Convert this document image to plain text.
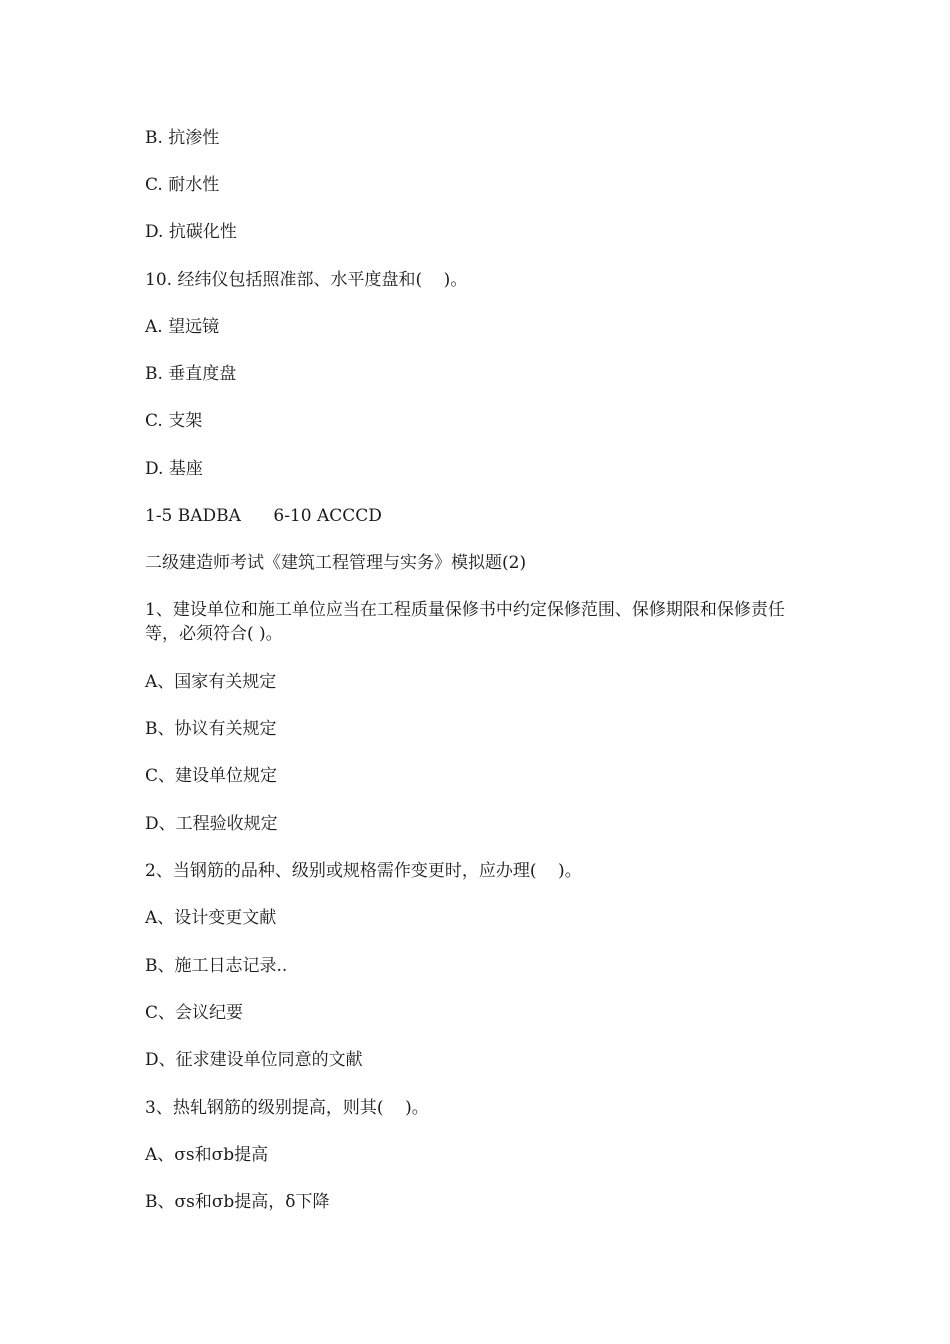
B. 抗渗性

C. 耐水性

D. 抗碳化性

10. 经纬仪包括照准部、水平度盘和(    )。

A. 望远镜

B. 垂直度盘

C. 支架

D. 基座

1-5 BADBA      6-10 ACCCD

二级建造师考试《建筑工程管理与实务》模拟题(2)

1、建设单位和施工单位应当在工程质量保修书中约定保修范围、保修期限和保修责任等，必须符合( )。

A、国家有关规定

B、协议有关规定

C、建设单位规定

D、工程验收规定

2、当钢筋的品种、级别或规格需作变更时，应办理(    )。

A、设计变更文献

B、施工日志记录..

C、会议纪要

D、征求建设单位同意的文献

3、热轧钢筋的级别提高，则其(    )。

A、σs和σb提高

B、σs和σb提高，δ下降
